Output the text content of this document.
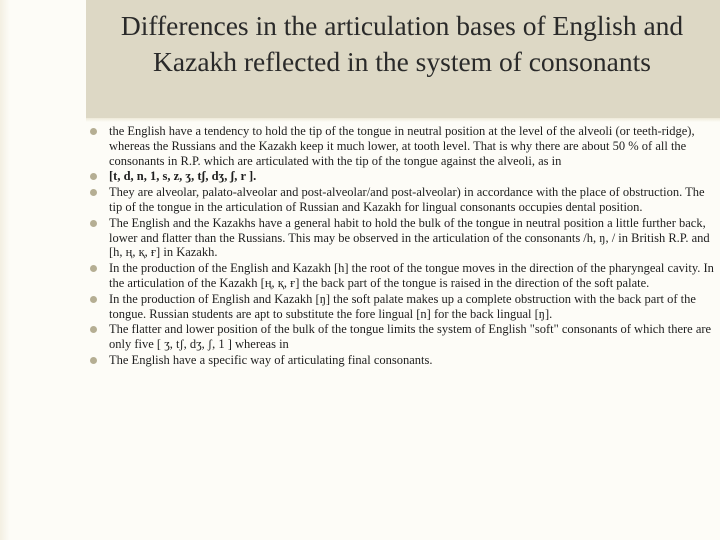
Differences in the articulation bases of English and Kazakh reflected in the system of consonants
the English have a tendency to hold the tip of the tongue in neutral position at the level of the alveoli (or teeth-ridge), whereas the Russians and the Kazakh keep it much lower, at tooth level. That is why there are about 50 % of all the consonants in R.P. which are articulated with the tip of the tongue against the alveoli, as in
[t, d, n, 1, s, z, ʒ, tʃ, dʒ, ʃ, r ].
They are alveolar, palato-alveolar and post-alveolar/and post-alveolar) in accordance with the place of obstruction. The tip of the tongue in the articulation of Russian and Kazakh for lingual consonants occupies dental position.
The English and the Kazakhs have a general habit to hold the bulk of the tongue in neutral position a little further back, lower and flatter than the Russians. This may be observed in the articulation of the consonants /h, ŋ, / in British R.P. and [h, ң, қ, ғ] in Kazakh.
In the production of the English and Kazakh [h] the root of the tongue moves in the direction of the pharyngeal cavity. In the articulation of the Kazakh [ң, қ, ғ] the back part of the tongue is raised in the direction of the soft palate.
In the production of English and Kazakh [ŋ] the soft palate makes up a complete obstruction with the back part of the tongue. Russian students are apt to substitute the fore lingual [n] for the back lingual [ŋ].
The flatter and lower position of the bulk of the tongue limits the system of English "soft" consonants of which there are only five [ ʒ, tʃ, dʒ, ʃ, 1 ] whereas in
The English have a specific way of articulating final consonants.
